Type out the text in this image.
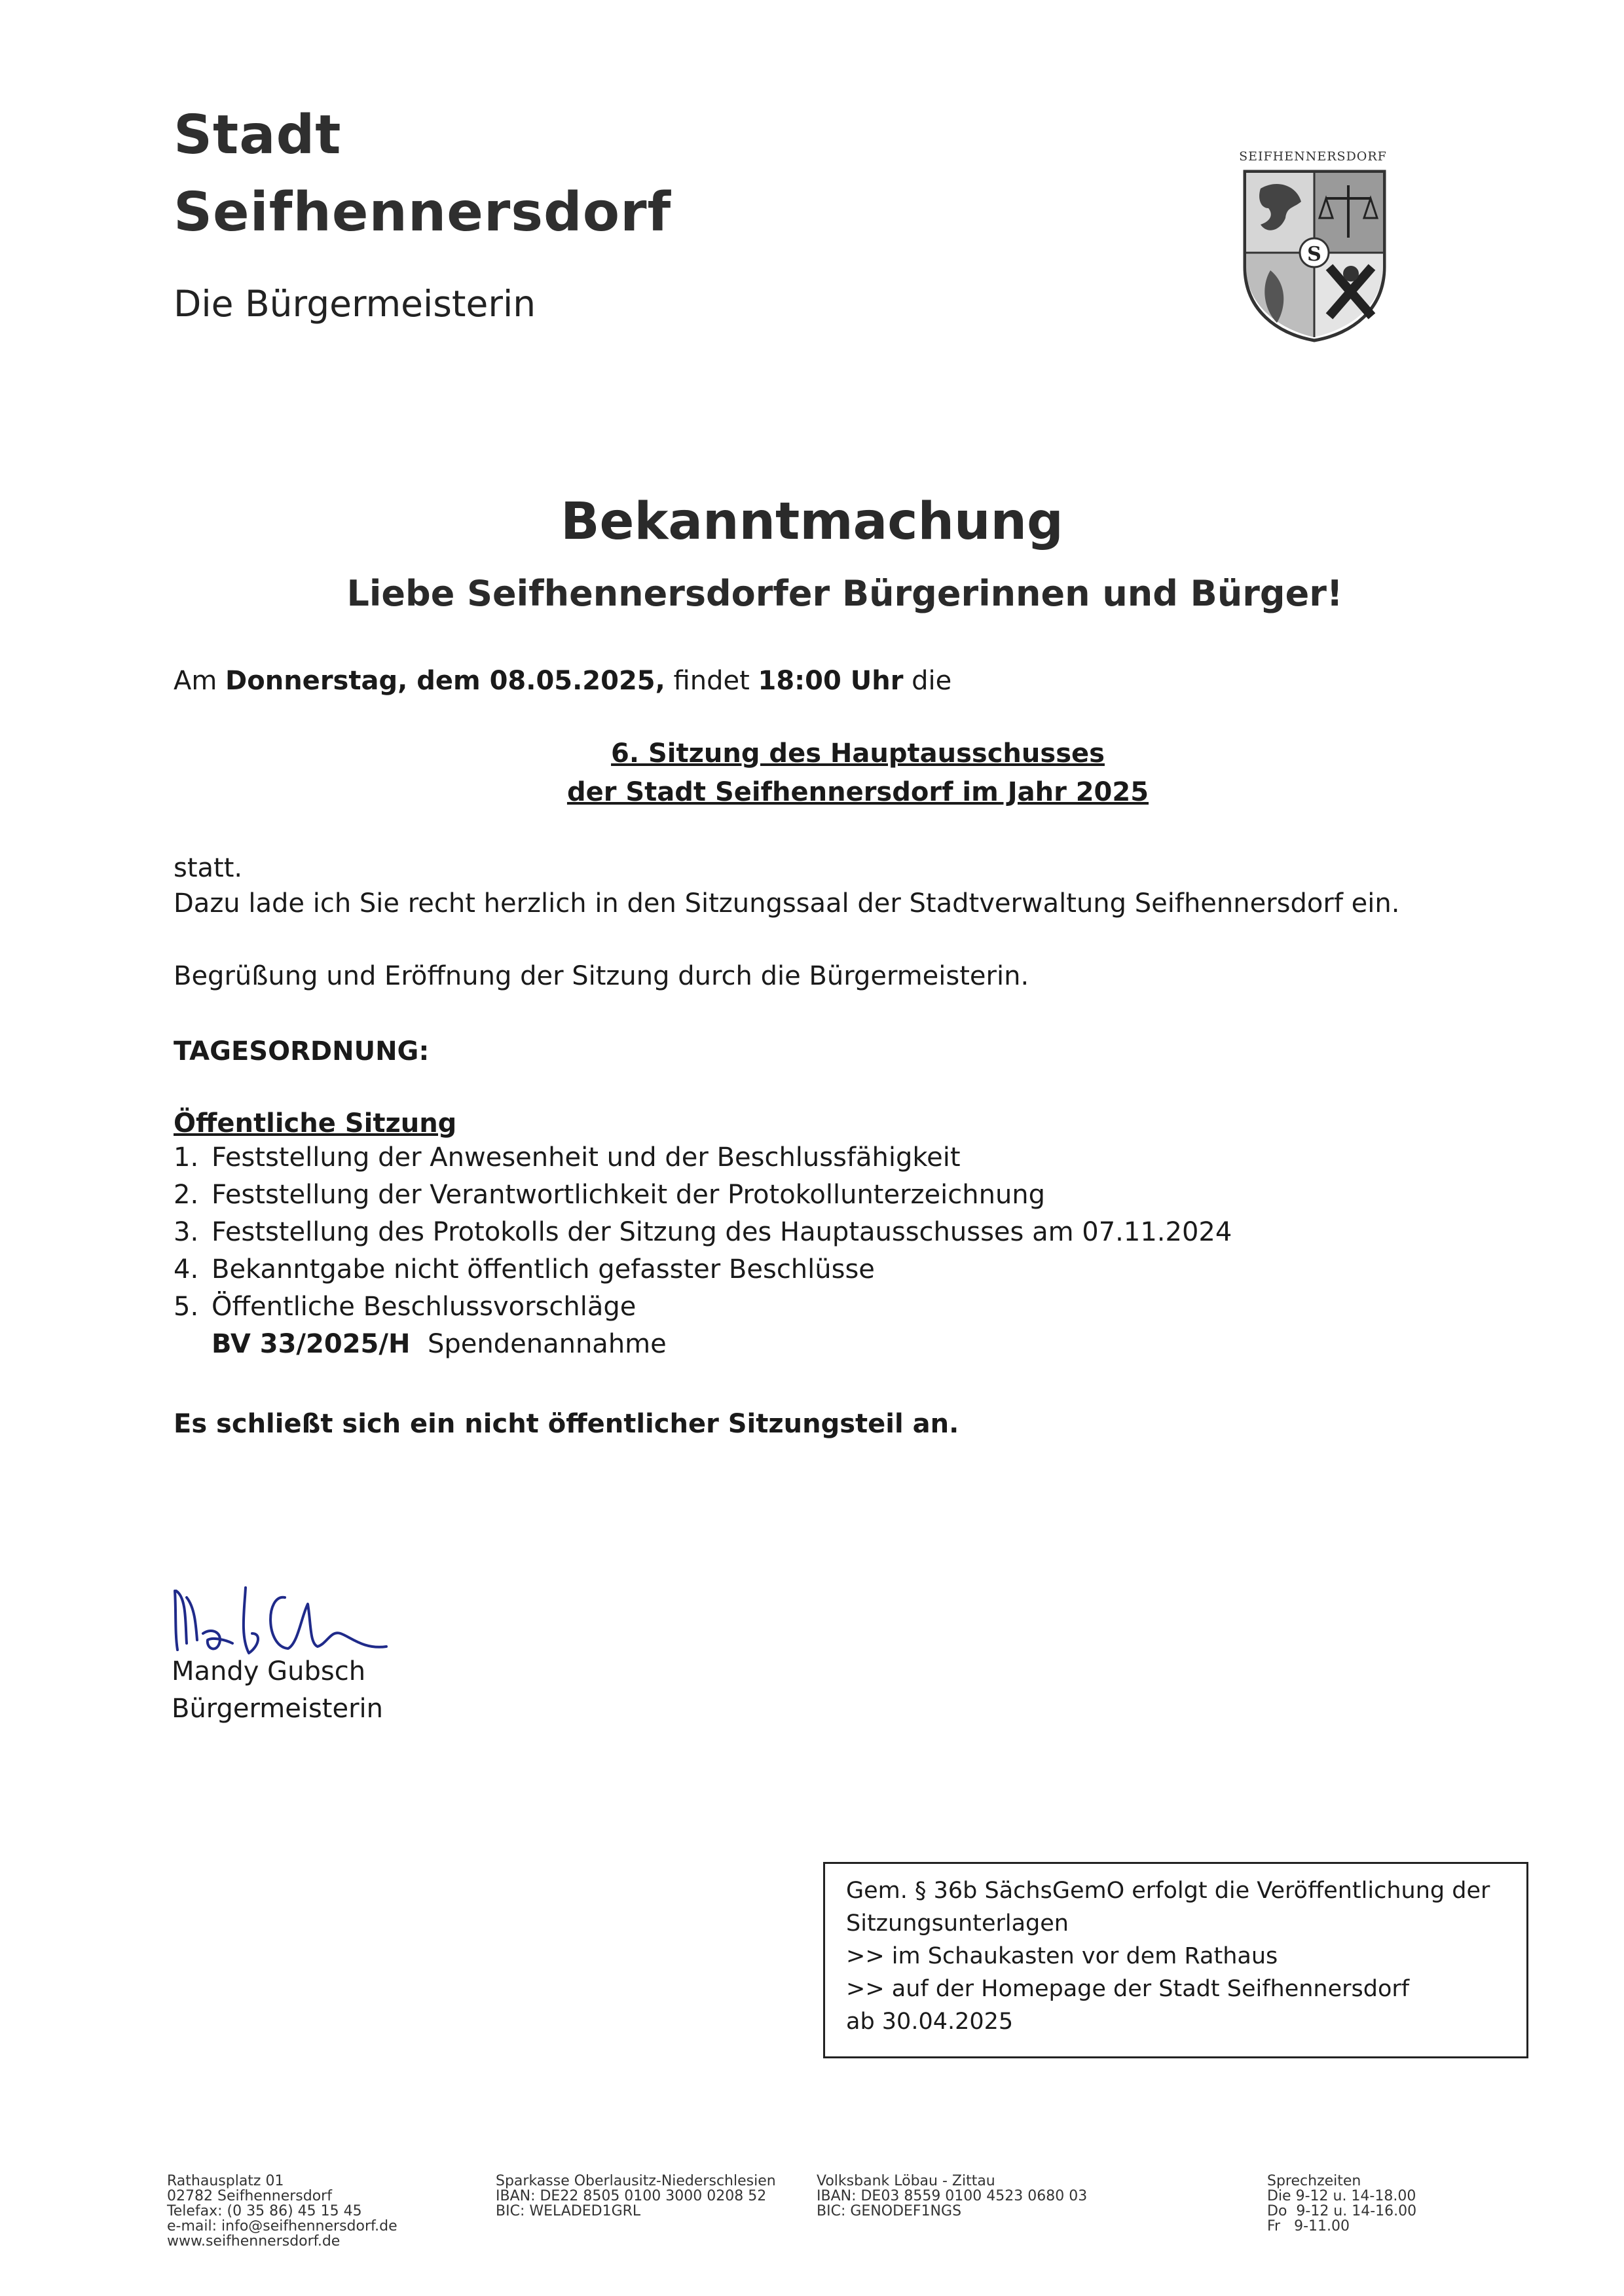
Stadt
Seifhennersdorf
Die Bürgermeisterin
SEIFHENNERSDORF
S
Bekanntmachung
Liebe Seifhennersdorfer Bürgerinnen und Bürger!
Am Donnerstag, dem 08.05.2025, findet 18:00 Uhr die
6. Sitzung des Hauptausschusses
der Stadt Seifhennersdorf im Jahr 2025
statt.
Dazu lade ich Sie recht herzlich in den Sitzungssaal der Stadtverwaltung Seifhennersdorf ein.
Begrüßung und Eröffnung der Sitzung durch die Bürgermeisterin.
TAGESORDNUNG:
Öffentliche Sitzung
1. Feststellung der Anwesenheit und der Beschlussfähigkeit
2. Feststellung der Verantwortlichkeit der Protokollunterzeichnung
3. Feststellung des Protokolls der Sitzung des Hauptausschusses am 07.11.2024
4. Bekanntgabe nicht öffentlich gefasster Beschlüsse
5. Öffentliche Beschlussvorschläge
BV 33/2025/H Spendenannahme
Es schließt sich ein nicht öffentlicher Sitzungsteil an.
Mandy Gubsch
Bürgermeisterin
Gem. § 36b SächsGemO erfolgt die Veröffentlichung der
Sitzungsunterlagen
>> im Schaukasten vor dem Rathaus
>> auf der Homepage der Stadt Seifhennersdorf
ab 30.04.2025
Rathausplatz 01
02782 Seifhennersdorf
Telefax: (0 35 86) 45 15 45
e-mail: info@seifhennersdorf.de
www.seifhennersdorf.de
Sparkasse Oberlausitz-Niederschlesien
IBAN: DE22 8505 0100 3000 0208 52
BIC: WELADED1GRL
Volksbank Löbau - Zittau
IBAN: DE03 8559 0100 4523 0680 03
BIC: GENODEF1NGS
Sprechzeiten
Die 9-12 u. 14-18.00
Do  9-12 u. 14-16.00
Fr   9-11.00
